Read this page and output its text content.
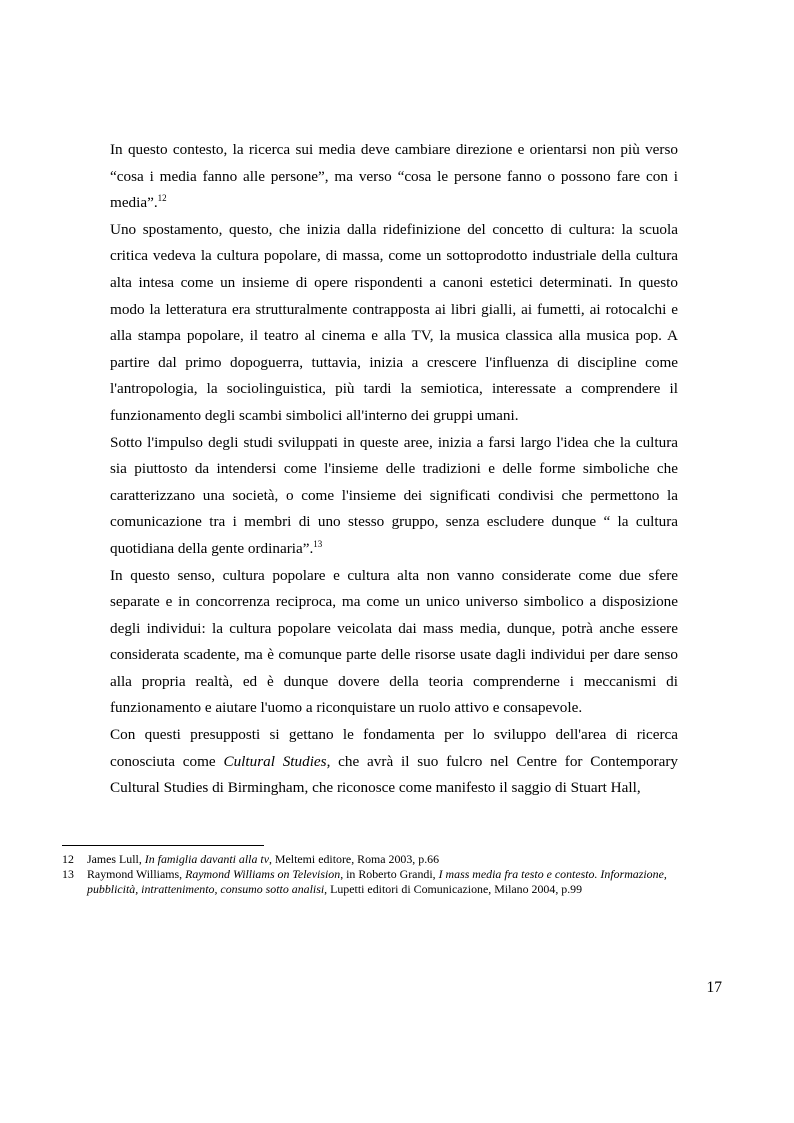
In questo contesto, la ricerca sui media deve cambiare direzione e orientarsi non più verso “cosa i media fanno alle persone”, ma verso “cosa le persone fanno o possono fare con i media”.$^{12}$

Uno spostamento, questo, che inizia dalla ridefinizione del concetto di cultura: la scuola critica vedeva la cultura popolare, di massa, come un sottoprodotto industriale della cultura alta intesa come un insieme di opere rispondenti a canoni estetici determinati. In questo modo la letteratura era strutturalmente contrapposta ai libri gialli, ai fumetti, ai rotocalchi e alla stampa popolare, il teatro al cinema e alla TV, la musica classica alla musica pop. A partire dal primo dopoguerra, tuttavia, inizia a crescere l'influenza di discipline come l'antropologia, la sociolinguistica, più tardi la semiotica, interessate a comprendere il funzionamento degli scambi simbolici all'interno dei gruppi umani.

Sotto l'impulso degli studi sviluppati in queste aree, inizia a farsi largo l'idea che la cultura sia piuttosto da intendersi come l'insieme delle tradizioni e delle forme simboliche che caratterizzano una società, o come l'insieme dei significati condivisi che permettono la comunicazione tra i membri di uno stesso gruppo, senza escludere dunque “ la cultura quotidiana della gente ordinaria”.$^{13}$

In questo senso, cultura popolare e cultura alta non vanno considerate come due sfere separate e in concorrenza reciproca, ma come un unico universo simbolico a disposizione degli individui: la cultura popolare veicolata dai mass media, dunque, potrà anche essere considerata scadente, ma è comunque parte delle risorse usate dagli individui per dare senso alla propria realtà, ed è dunque dovere della teoria comprenderne i meccanismi di funzionamento e aiutare l'uomo a riconquistare un ruolo attivo e consapevole.

Con questi presupposti si gettano le fondamenta per lo sviluppo dell'area di ricerca conosciuta come Cultural Studies, che avrà il suo fulcro nel Centre for Contemporary Cultural Studies di Birmingham, che riconosce come manifesto il saggio di Stuart Hall,

12	James Lull, In famiglia davanti alla tv, Meltemi editore, Roma 2003, p.66
13	Raymond Williams, Raymond Williams on Television, in Roberto Grandi, I mass media fra testo e contesto. Informazione, pubblicità, intrattenimento, consumo sotto analisi, Lupetti editori di Comunicazione, Milano 2004, p.99
17
